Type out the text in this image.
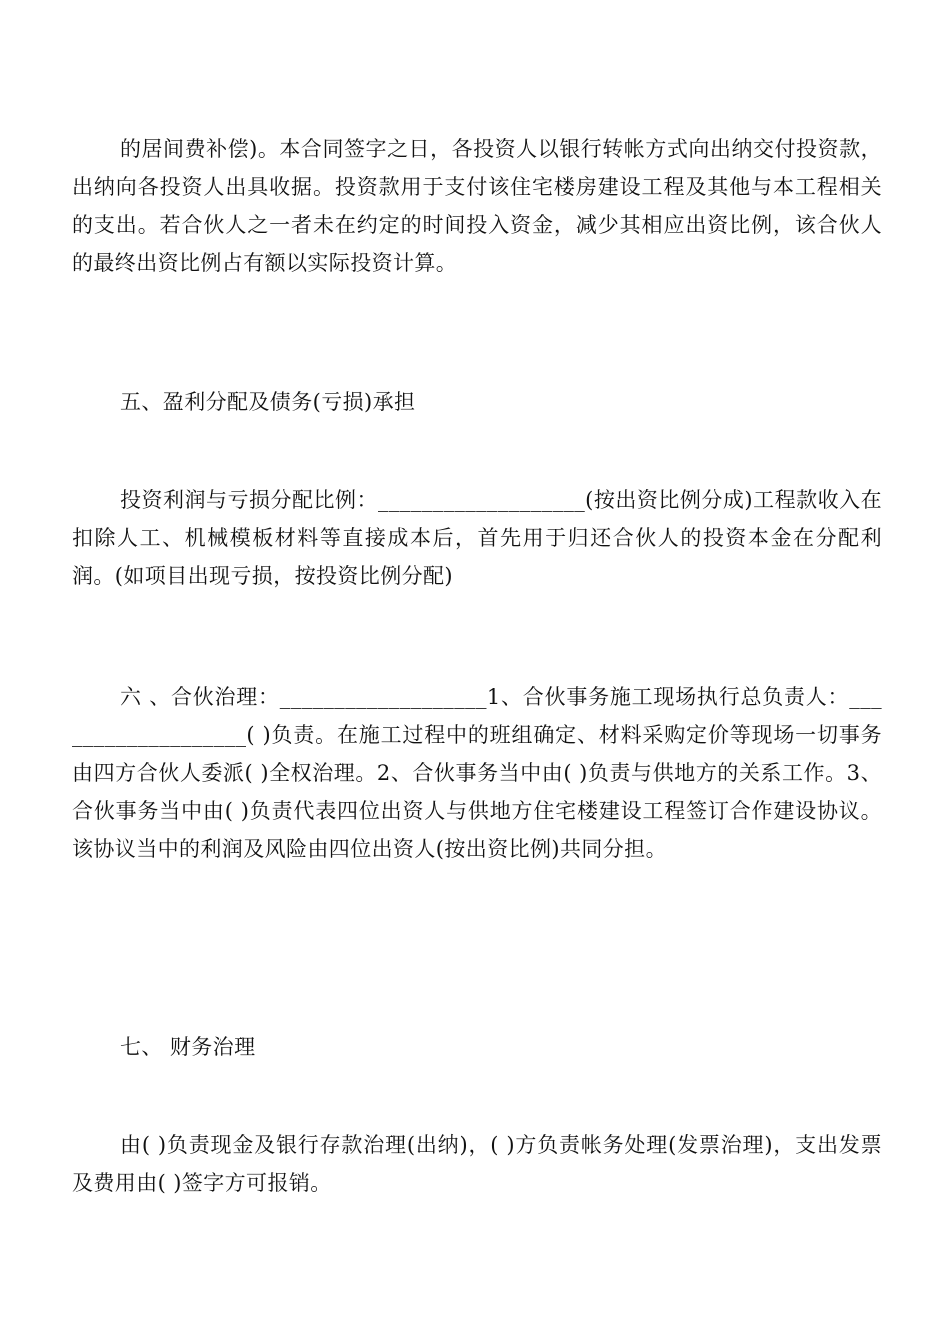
的居间费补偿)。本合同签字之日，各投资人以银行转帐方式向出纳交付投资款，出纳向各投资人出具收据。投资款用于支付该住宅楼房建设工程及其他与本工程相关的支出。若合伙人之一者未在约定的时间投入资金，减少其相应出资比例，该合伙人的最终出资比例占有额以实际投资计算。

五、盈利分配及债务(亏损)承担

投资利润与亏损分配比例：___________________(按出资比例分成)工程款收入在扣除人工、机械模板材料等直接成本后，首先用于归还合伙人的投资本金在分配利润。(如项目出现亏损，按投资比例分配)

六 、合伙治理：___________________1、合伙事务施工现场执行总负责人：___________________( )负责。在施工过程中的班组确定、材料采购定价等现场一切事务由四方合伙人委派( )全权治理。2、合伙事务当中由( )负责与供地方的关系工作。3、合伙事务当中由( )负责代表四位出资人与供地方住宅楼建设工程签订合作建设协议。该协议当中的利润及风险由四位出资人(按出资比例)共同分担。

七、 财务治理

由( )负责现金及银行存款治理(出纳)，( )方负责帐务处理(发票治理)，支出发票及费用由( )签字方可报销。
